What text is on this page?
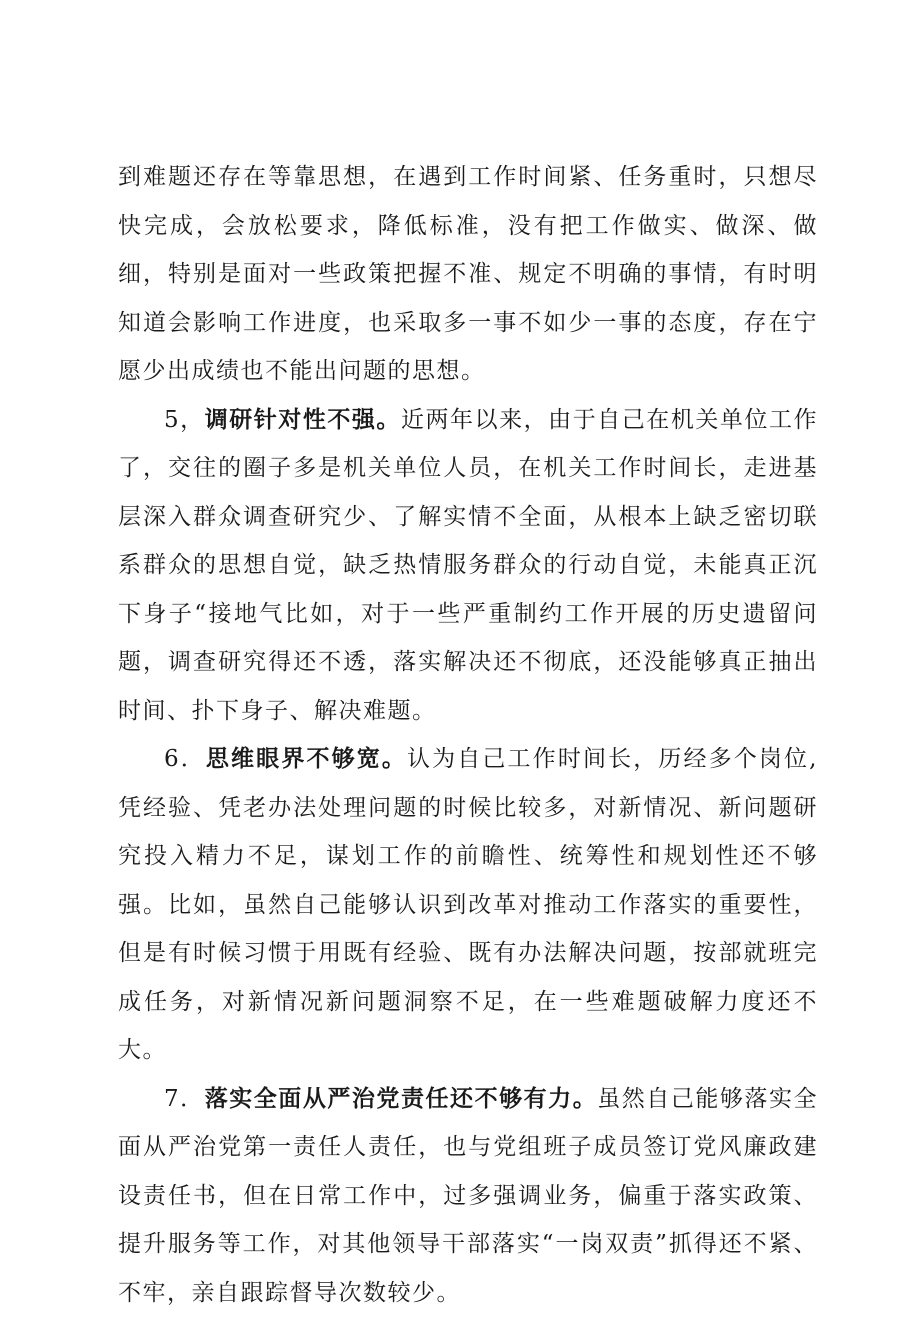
到难题还存在等靠思想，在遇到工作时间紧、任务重时，只想尽快完成，会放松要求，降低标准，没有把工作做实、做深、做细，特别是面对一些政策把握不准、规定不明确的事情，有时明知道会影响工作进度，也采取多一事不如少一事的态度，存在宁愿少出成绩也不能出问题的思想。

5，调研针对性不强。近两年以来，由于自己在机关单位工作了，交往的圈子多是机关单位人员，在机关工作时间长，走进基层深入群众调查研究少、了解实情不全面，从根本上缺乏密切联系群众的思想自觉，缺乏热情服务群众的行动自觉，未能真正沉下身子“接地气比如，对于一些严重制约工作开展的历史遗留问题，调查研究得还不透，落实解决还不彻底，还没能够真正抽出时间、扑下身子、解决难题。

6．思维眼界不够宽。认为自己工作时间长，历经多个岗位,凭经验、凭老办法处理问题的时候比较多，对新情况、新问题研究投入精力不足，谋划工作的前瞻性、统筹性和规划性还不够强。比如，虽然自己能够认识到改革对推动工作落实的重要性，但是有时候习惯于用既有经验、既有办法解决问题，按部就班完成任务，对新情况新问题洞察不足，在一些难题破解力度还不大。

7．落实全面从严治党责任还不够有力。虽然自己能够落实全面从严治党第一责任人责任，也与党组班子成员签订党风廉政建设责任书，但在日常工作中，过多强调业务，偏重于落实政策、提升服务等工作，对其他领导干部落实“一岗双责”抓得还不紧、不牢，亲自跟踪督导次数较少。
